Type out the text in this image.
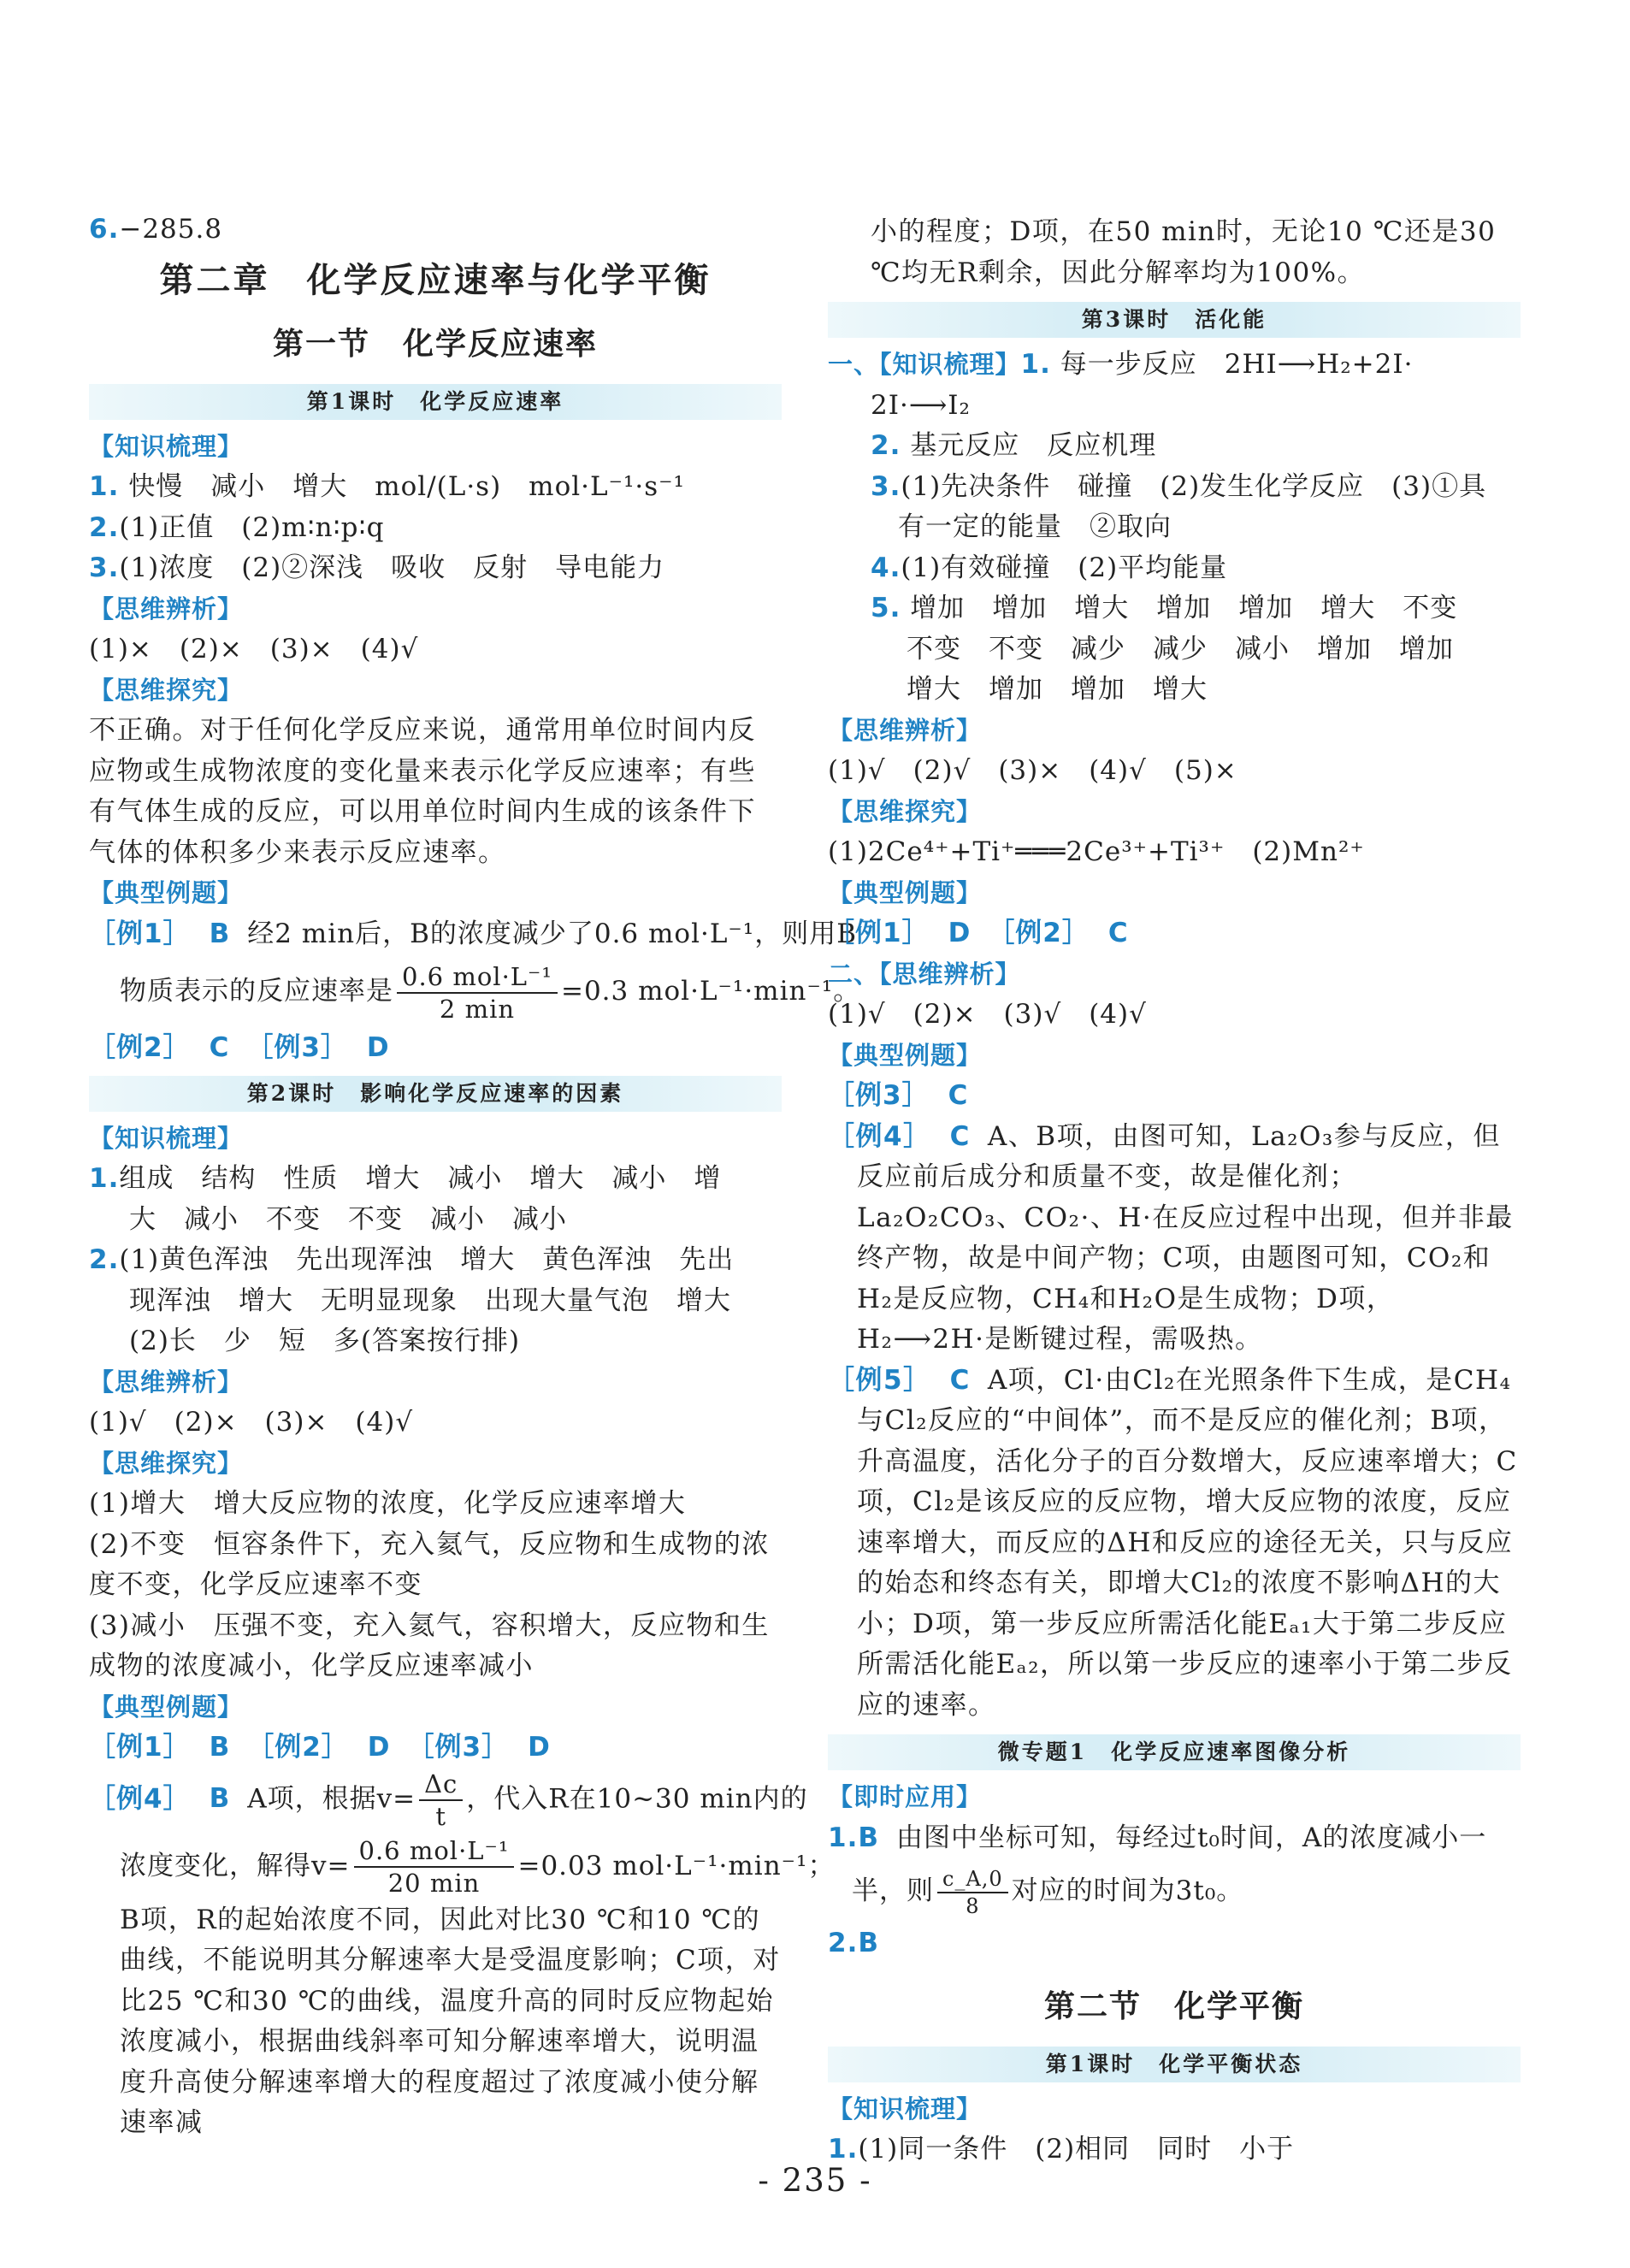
6.−285.8
第二章　化学反应速率与化学平衡
第一节　化学反应速率
第1课时　化学反应速率
【知识梳理】
1. 快慢　减小　增大　mol/(L·s)　mol·L⁻¹·s⁻¹
2.(1)正值　(2)m∶n∶p∶q
3.(1)浓度　(2)②深浅　吸收　反射　导电能力
【思维辨析】
(1)×　(2)×　(3)×　(4)√
【思维探究】
不正确。对于任何化学反应来说，通常用单位时间内反应物或生成物浓度的变化量来表示化学反应速率；有些有气体生成的反应，可以用单位时间内生成的该条件下气体的体积多少来表示反应速率。
【典型例题】
［例1］ B 经2 min后，B的浓度减少了0.6 mol·L⁻¹，则用B
物质表示的反应速率是 $\frac{\text{0.6 mol·L⁻¹}}{2 \min} =0.3$ mol·L⁻¹·min⁻¹。
［例2］ C ［例3］ D
第2课时　影响化学反应速率的因素
【知识梳理】
1.组成　结构　性质　增大　减小　增大　减小　增
大　减小　不变　不变　减小　减小
2.(1)黄色浑浊　先出现浑浊　增大　黄色浑浊　先出
现浑浊　增大　无明显现象　出现大量气泡　增大
(2)长　少　短　多(答案按行排)
【思维辨析】
(1)√　(2)×　(3)×　(4)√
【思维探究】
(1)增大　增大反应物的浓度，化学反应速率增大
(2)不变　恒容条件下，充入氦气，反应物和生成物的浓度不变，化学反应速率不变
(3)减小　压强不变，充入氦气，容积增大，反应物和生成物的浓度减小，化学反应速率减小
【典型例题】
［例1］ B ［例2］ D ［例3］ D
［例4］ B A项，根据$v= \frac{\Delta c}{t}$ ，代入R在10~30 min内的
浓度变化，解得$v= \frac{\text{0.6 mol·L⁻¹}}{20 \min} =0.03$ mol·L⁻¹·min⁻¹；
B项，R的起始浓度不同，因此对比30 ℃和10 ℃的曲线，不能说明其分解速率大是受温度影响；C项，对比25 ℃和30 ℃的曲线，温度升高的同时反应物起始浓度减小，根据曲线斜率可知分解速率增大，说明温度升高使分解速率增大的程度超过了浓度减小使分解速率减
小的程度；D项，在50 min时，无论10 ℃还是30 ℃均无R剩余，因此分解率均为100%。
第3课时　活化能
一、【知识梳理】1. 每一步反应　2HI⟶H₂+2I·
2I·⟶I₂
2. 基元反应　反应机理
3.(1)先决条件　碰撞　(2)发生化学反应　(3)①具
有一定的能量　②取向
4.(1)有效碰撞　(2)平均能量
5. 增加　增加　增大　增加　增加　增大　不变
不变　不变　减少　减少　减小　增加　增加
增大　增加　增加　增大
【思维辨析】
(1)√　(2)√　(3)×　(4)√　(5)×
【思维探究】
(1)2Ce⁴⁺+Ti⁺═══2Ce³⁺+Ti³⁺　(2)Mn²⁺
【典型例题】
［例1］ D ［例2］ C
二、【思维辨析】
(1)√　(2)×　(3)√　(4)√
【典型例题】
［例3］ C
［例4］ C A、B项，由图可知，La₂O₃参与反应，但反应前后成分和质量不变，故是催化剂；La₂O₂CO₃、CO₂·、H·在反应过程中出现，但并非最终产物，故是中间产物；C项，由题图可知，CO₂和H₂是反应物，CH₄和H₂O是生成物；D项，H₂⟶2H·是断键过程，需吸热。
［例5］ C A项，Cl·由Cl₂在光照条件下生成，是CH₄与Cl₂反应的“中间体”，而不是反应的催化剂；B项，升高温度，活化分子的百分数增大，反应速率增大；C项，Cl₂是该反应的反应物，增大反应物的浓度，反应速率增大，而反应的ΔH和反应的途径无关，只与反应的始态和终态有关，即增大Cl₂的浓度不影响ΔH的大小；D项，第一步反应所需活化能Eₐ₁大于第二步反应所需活化能Eₐ₂，所以第一步反应的速率小于第二步反应的速率。
微专题1　化学反应速率图像分析
【即时应用】
1.B 由图中坐标可知，每经过t₀时间，A的浓度减小一
半，则 $\frac{c\_A,0}{8}$ 对应的时间为3t₀。
2.B
第二节　化学平衡
第1课时　化学平衡状态
【知识梳理】
1.(1)同一条件　(2)相同　同时　小于
- 235 -
